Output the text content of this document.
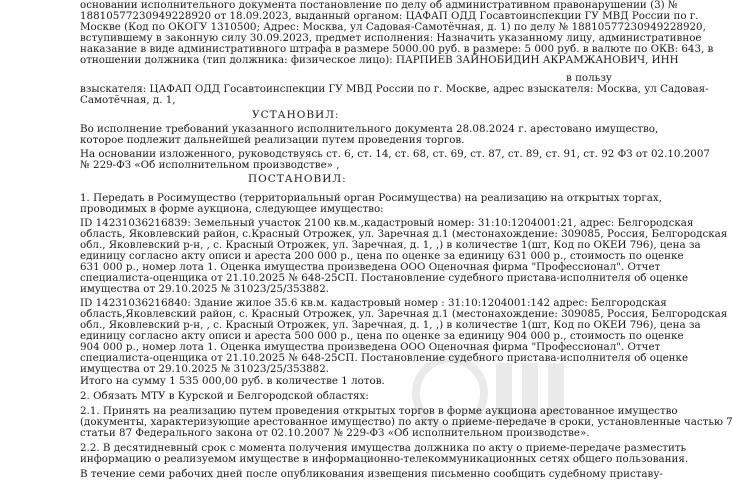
основании исполнительного документа постановление по делу об административном правонарушении (3) №
18810577230949228920 от 18.09.2023, выданный органом: ЦАФАП ОДД Госавтоинспекции ГУ МВД России по г.
Москве (Код по ОКОГУ 1310500; Адрес: Москва, ул Садовая-Самотёчная, д. 1) по делу № 18810577230949228920,
вступившему в законную силу 30.09.2023, предмет исполнения: Назначить указанному лицу, административное
наказание в виде административного штрафа в размере 5000.00 руб. в размере: 5 000 руб. в валюте по ОКВ: 643, в
отношении должника (тип должника: физическое лицо): ПАРПИЕВ ЗАЙНОБИДИН АКРАМЖАНОВИЧ, ИНН
в пользу
взыскателя: ЦАФАП ОДД Госавтоинспекции ГУ МВД России по г. Москве, адрес взыскателя: Москва, ул Садовая-
Самотёчная, д. 1,
УСТАНОВИЛ:
Во исполнение требований указанного исполнительного документа 28.08.2024 г. арестовано имущество,
которое подлежит дальнейшей реализации путем проведения торгов.
На основании изложенного, руководствуясь ст. 6, ст. 14, ст. 68, ст. 69, ст. 87, ст. 89, ст. 91, ст. 92 ФЗ от 02.10.2007
№ 229-ФЗ «Об исполнительном производстве» ,
ПОСТАНОВИЛ:
1. Передать в Росимущество (территориальный орган Росимущества) на реализацию на открытых торгах,
проводимых в форме аукциона, следующее имущество:
ID 14231036216839: Земельный участок 2100 кв.м.,кадастровый номер: 31:10:1204001:21, адрес: Белгородская
область, Яковлевский район, с.Красный Отрожек, ул. Заречная д.1 (местонахождение: 309085, Россия, Белгородская
обл., Яковлевский р-н, , с. Красный Отрожек, ул. Заречная, д. 1, ,) в количестве 1(шт, Код по ОКЕИ 796), цена за
единицу согласно акту описи и ареста 200 000 р., цена по оценке за единицу 631 000 р., стоимость по оценке
631 000 р., номер лота 1. Оценка имущества произведена ООО Оценочная фирма "Профессионал". Отчет
специалиста-оценщика от 21.10.2025 № 648-25СП. Постановление судебного пристава-исполнителя об оценке
имущества от 29.10.2025 № 31023/25/353882.
ID 14231036216840: Здание жилое 35.6 кв.м. кадастровый номер : 31:10:1204001:142 адрес: Белгородская
область,Яковлевский район, с. Красный Отрожек, ул. Заречная д.1 (местонахождение: 309085, Россия, Белгородская
обл., Яковлевский р-н, , с. Красный Отрожек, ул. Заречная, д. 1, ,) в количестве 1(шт, Код по ОКЕИ 796), цена за
единицу согласно акту описи и ареста 500 000 р., цена по оценке за единицу 904 000 р., стоимость по оценке
904 000 р., номер лота 1. Оценка имущества произведена ООО Оценочная фирма "Профессионал". Отчет
специалиста-оценщика от 21.10.2025 № 648-25СП. Постановление судебного пристава-исполнителя об оценке
имущества от 29.10.2025 № 31023/25/353882.
Итого на сумму 1 535 000,00 руб. в количестве 1 лотов.
2. Обязать МТУ в Курской и Белгородской областях:
2.1. Принять на реализацию путем проведения открытых торгов в форме аукциона арестованное имущество
(документы, характеризующие арестованное имущество) по акту о приеме-передаче в сроки, установленные частью 7
статьи 87 Федерального закона от 02.10.2007 № 229-ФЗ «Об исполнительном производстве».
2.2. В десятидневный срок с момента получения имущества должника по акту о приеме-передаче разместить
информацию о реализуемом имуществе в информационно-телекоммуникационных сетях общего пользования.
В течение семи рабочих дней после опубликования извещения письменно сообщить судебному приставу-
